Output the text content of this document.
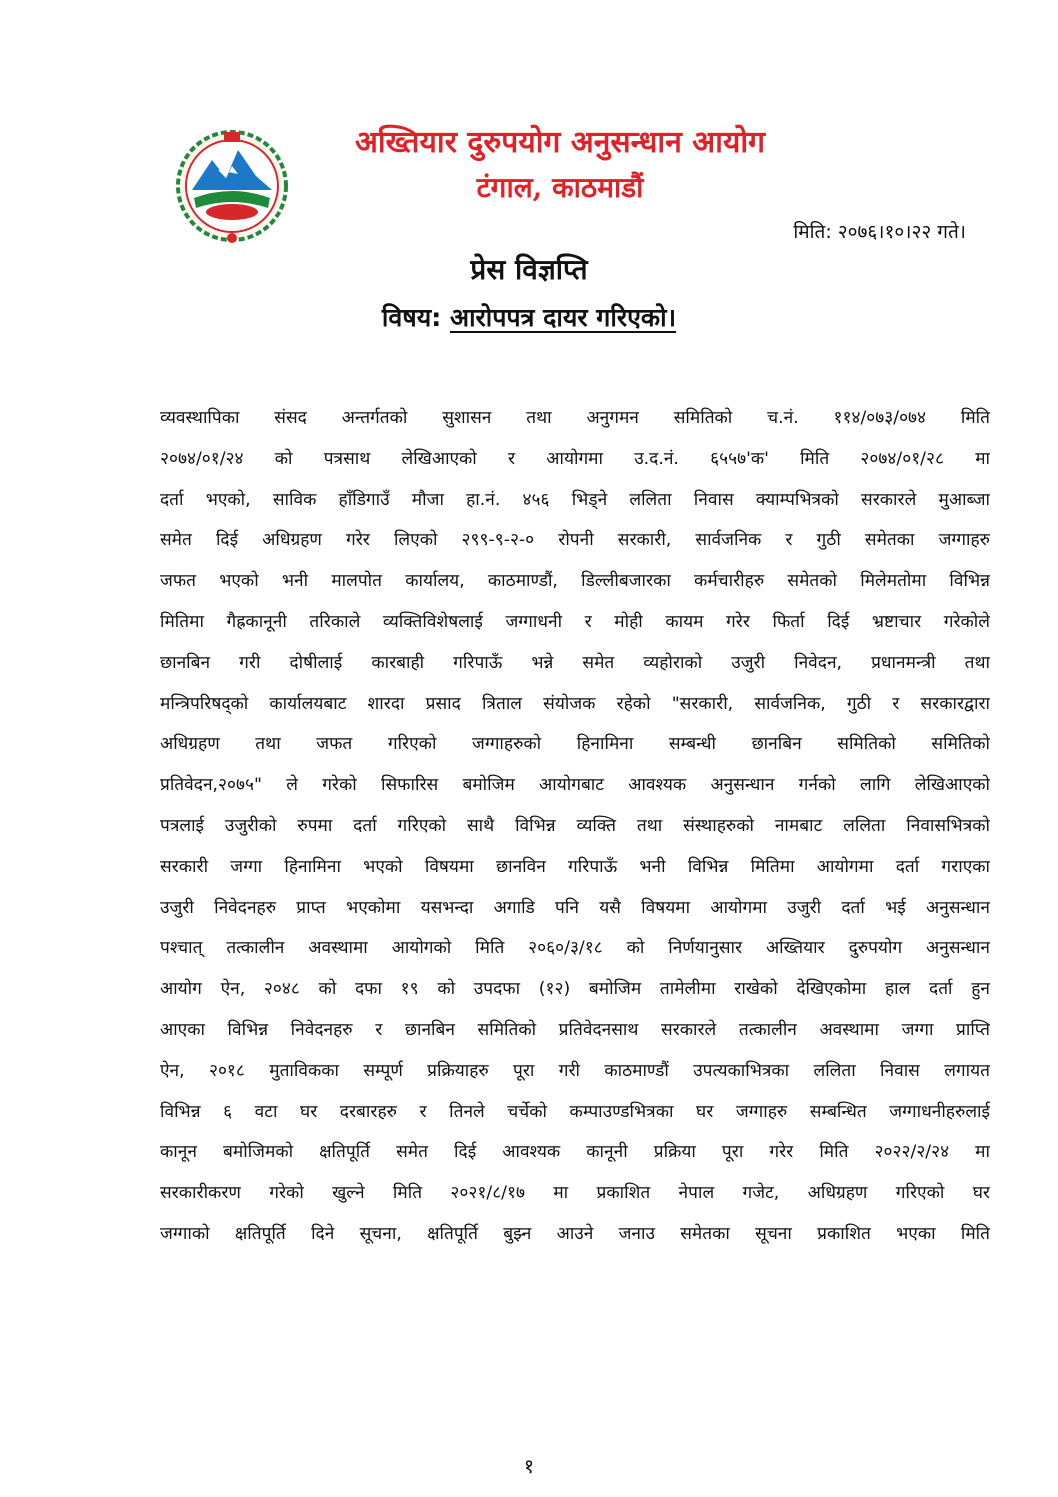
अख्तियार दुरुपयोग अनुसन्धान आयोग
टंगाल, काठमाडौं
मिति: २०७६।१०।२२ गते।
प्रेस विज्ञप्ति
विषय: आरोपपत्र दायर गरिएको।
व्यवस्थापिका संसद अन्तर्गतको सुशासन तथा अनुगमन समितिको च.नं. ११४/०७३/०७४ मिति
२०७४/०१/२४ को पत्रसाथ लेखिआएको र आयोगमा उ.द.नं. ६५५७'क' मिति २०७४/०१/२८ मा
दर्ता भएको, साविक हाँडिगाउँ मौजा हा.नं. ४५६ भिड्ने ललिता निवास क्याम्पभित्रको सरकारले मुआब्जा
समेत दिई अधिग्रहण गरेर लिएको २९९-९-२-० रोपनी सरकारी, सार्वजनिक र गुठी समेतका जग्गाहरु
जफत भएको भनी मालपोत कार्यालय, काठमाण्डौं, डिल्लीबजारका कर्मचारीहरु समेतको मिलेमतोमा विभिन्न
मितिमा गैह्रकानूनी तरिकाले व्यक्तिविशेषलाई जग्गाधनी र मोही कायम गरेर फिर्ता दिई भ्रष्टाचार गरेकोले
छानबिन गरी दोषीलाई कारबाही गरिपाऊँ भन्ने समेत व्यहोराको उजुरी निवेदन, प्रधानमन्त्री तथा
मन्त्रिपरिषद्को कार्यालयबाट शारदा प्रसाद त्रिताल संयोजक रहेको "सरकारी, सार्वजनिक, गुठी र सरकारद्वारा
अधिग्रहण तथा जफत गरिएको जग्गाहरुको हिनामिना सम्बन्धी छानबिन समितिको समितिको
प्रतिवेदन,२०७५" ले गरेको सिफारिस बमोजिम आयोगबाट आवश्यक अनुसन्धान गर्नको लागि लेखिआएको
पत्रलाई उजुरीको रुपमा दर्ता गरिएको साथै विभिन्न व्यक्ति तथा संस्थाहरुको नामबाट ललिता निवासभित्रको
सरकारी जग्गा हिनामिना भएको विषयमा छानविन गरिपाऊँ भनी विभिन्न मितिमा आयोगमा दर्ता गराएका
उजुरी निवेदनहरु प्राप्त भएकोमा यसभन्दा अगाडि पनि यसै विषयमा आयोगमा उजुरी दर्ता भई अनुसन्धान
पश्चात् तत्कालीन अवस्थामा आयोगको मिति २०६०/३/१८ को निर्णयानुसार अख्तियार दुरुपयोग अनुसन्धान
आयोग ऐन, २०४८ को दफा १९ को उपदफा (१२) बमोजिम तामेलीमा राखेको देखिएकोमा हाल दर्ता हुन
आएका विभिन्न निवेदनहरु र छानबिन समितिको प्रतिवेदनसाथ सरकारले तत्कालीन अवस्थामा जग्गा प्राप्ति
ऐन, २०१८ मुताविकका सम्पूर्ण प्रक्रियाहरु पूरा गरी काठमाण्डौं उपत्यकाभित्रका ललिता निवास लगायत
विभिन्न ६ वटा घर दरबारहरु र तिनले चर्चेको कम्पाउण्डभित्रका घर जग्गाहरु सम्बन्धित जग्गाधनीहरुलाई
कानून बमोजिमको क्षतिपूर्ति समेत दिई आवश्यक कानूनी प्रक्रिया पूरा गरेर मिति २०२२/२/२४ मा
सरकारीकरण गरेको खुल्ने मिति २०२१/८/१७ मा प्रकाशित नेपाल गजेट, अधिग्रहण गरिएको घर
जग्गाको क्षतिपूर्ति दिने सूचना, क्षतिपूर्ति बुझ्न आउने जनाउ समेतका सूचना प्रकाशित भएका मिति
१
